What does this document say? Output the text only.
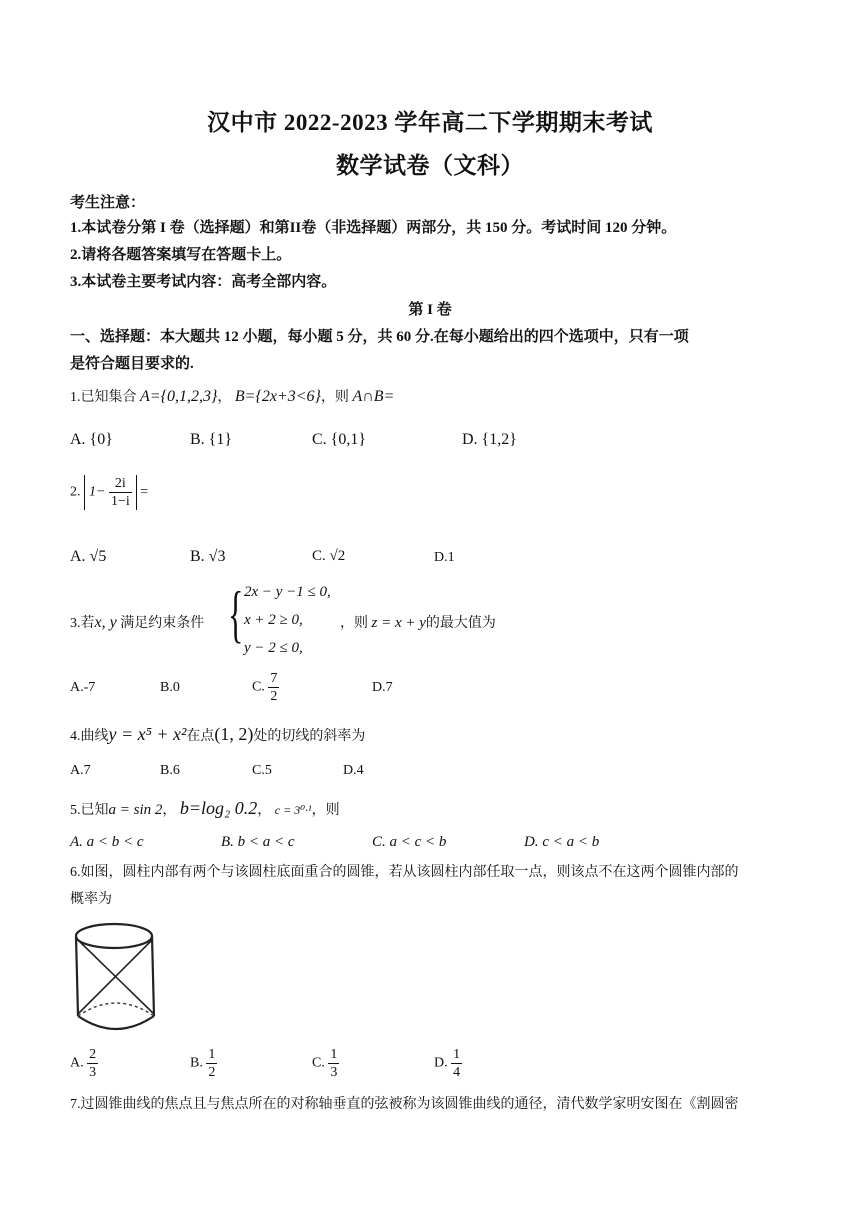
汉中市 2022-2023 学年高二下学期期末考试
数学试卷（文科）
考生注意：
1.本试卷分第 I 卷（选择题）和第II卷（非选择题）两部分，共 150 分。考试时间 120 分钟。
2.请将各题答案填写在答题卡上。
3.本试卷主要考试内容：高考全部内容。
第 I 卷
一、选择题：本大题共 12 小题，每小题 5 分，共 60 分.在每小题给出的四个选项中，只有一项
是符合题目要求的.
1.已知集合 A={0,1,2,3}， B={2x+3<6}，则 A∩B=
A. {0}	B. {1}	C. {0,1}	D. {1,2}
2. $1- \frac{2i}{1-i}$ =
A. √5	B. √3	C. √2	D.1
3.若x, y 满足约束条件 { 2x − y −1 ≤ 0,
x + 2 ≥ 0,
y − 2 ≤ 0,
，则 z = x + y的最大值为
A.-7	B.0	C. $\frac{7}{2}$	D.7
4.曲线y = x⁵ + x²在点(1, 2)处的切线的斜率为
A.7	B.6	C.5	D.4
5.已知a = sin 2， b=log₂ 0.2， c = 3⁰·¹，则
A. a < b < c	B. b < a < c	C. a < c < b	D. c < a < b
6.如图，圆柱内部有两个与该圆柱底面重合的圆锥，若从该圆柱内部任取一点，则该点不在这两个圆锥内部的
概率为
A. $\frac{2}{3}$	B. $\frac{1}{2}$	C. $\frac{1}{3}$	D. $\frac{1}{4}$
7.过圆锥曲线的焦点且与焦点所在的对称轴垂直的弦被称为该圆锥曲线的通径，清代数学家明安图在《割圆密
